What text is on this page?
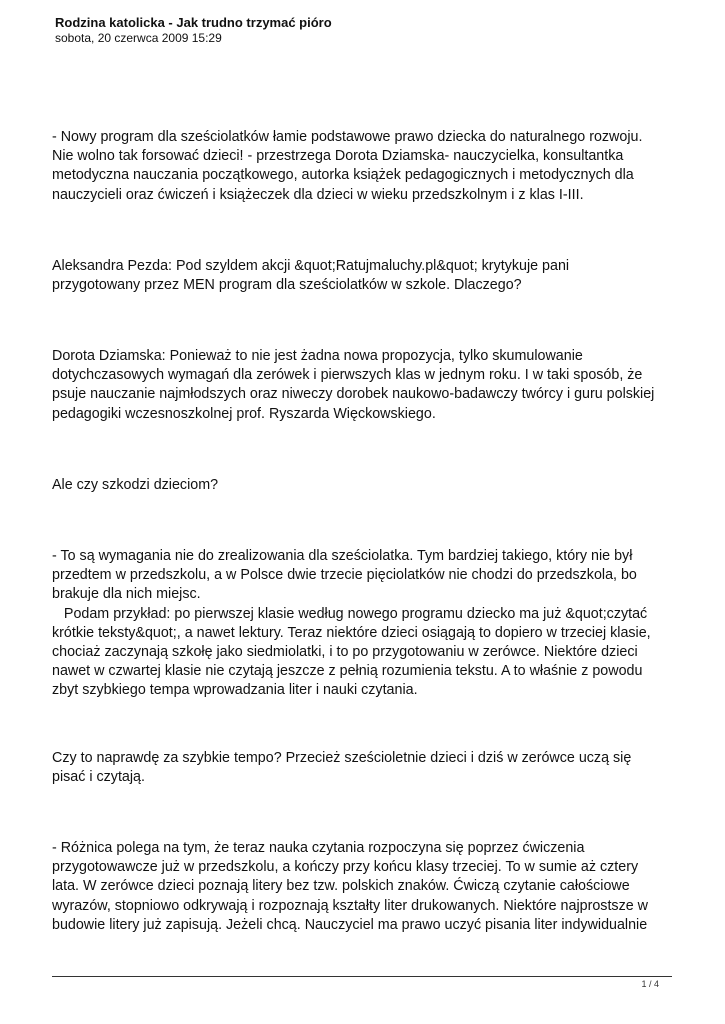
Rodzina katolicka - Jak trudno trzymać pióro

sobota, 20 czerwca 2009 15:29

- Nowy program dla sześciolatków łamie podstawowe prawo dziecka do naturalnego rozwoju.
Nie wolno tak forsować dzieci! - przestrzega Dorota Dziamska- nauczycielka, konsultantka
metodyczna nauczania początkowego, autorka książek pedagogicznych i metodycznych dla
nauczycieli oraz ćwiczeń i książeczek dla dzieci w wieku przedszkolnym i z klas I-III.

Aleksandra Pezda: Pod szyldem akcji &quot;Ratujmaluchy.pl&quot; krytykuje pani
przygotowany przez MEN program dla sześciolatków w szkole. Dlaczego?

Dorota Dziamska: Ponieważ to nie jest żadna nowa propozycja, tylko skumulowanie
dotychczasowych wymagań dla zerówek i pierwszych klas w jednym roku. I w taki sposób, że
psuje nauczanie najmłodszych oraz niweczy dorobek naukowo-badawczy twórcy i guru polskiej
pedagogiki wczesnoszkolnej prof. Ryszarda Więckowskiego.

Ale czy szkodzi dzieciom?

- To są wymagania nie do zrealizowania dla sześciolatka. Tym bardziej takiego, który nie był
przedtem w przedszkolu, a w Polsce dwie trzecie pięciolatków nie chodzi do przedszkola, bo
brakuje dla nich miejsc.
Podam przykład: po pierwszej klasie według nowego programu dziecko ma już &quot;czytać
krótkie teksty&quot;, a nawet lektury. Teraz niektóre dzieci osiągają to dopiero w trzeciej klasie,
chociaż zaczynają szkołę jako siedmiolatki, i to po przygotowaniu w zerówce. Niektóre dzieci
nawet w czwartej klasie nie czytają jeszcze z pełnią rozumienia tekstu. A to właśnie z powodu
zbyt szybkiego tempa wprowadzania liter i nauki czytania.

Czy to naprawdę za szybkie tempo? Przecież sześcioletnie dzieci i dziś w zerówce uczą się
pisać i czytają.

- Różnica polega na tym, że teraz nauka czytania rozpoczyna się poprzez ćwiczenia
przygotowawcze już w przedszkolu, a kończy przy końcu klasy trzeciej. To w sumie aż cztery
lata. W zerówce dzieci poznają litery bez tzw. polskich znaków. Ćwiczą czytanie całościowe
wyrazów, stopniowo odkrywają i rozpoznają kształty liter drukowanych. Niektóre najprostsze w
budowie litery już zapisują. Jeżeli chcą. Nauczyciel ma prawo uczyć pisania liter indywidualnie

1 / 4
